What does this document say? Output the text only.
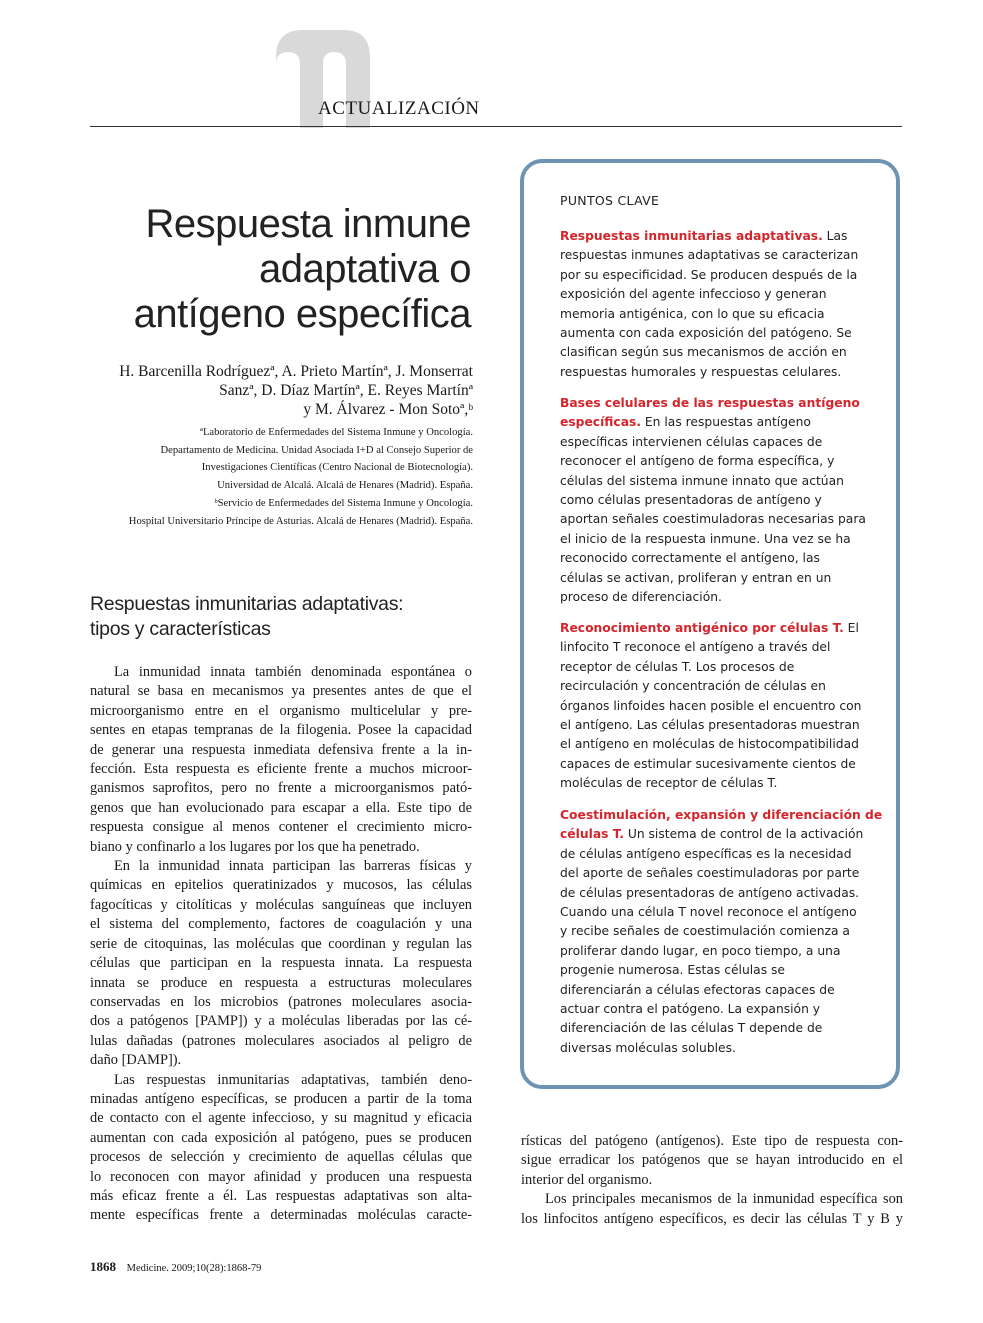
ACTUALIZACIÓN
Respuesta inmune
adaptativa o
antígeno específica
H. Barcenilla Rodríguezª, A. Prieto Martínª, J. Monserrat
Sanzª, D. Díaz Martínª, E. Reyes Martínª
y M. Álvarez - Mon Sotoª,ᵇ
ªLaboratorio de Enfermedades del Sistema Inmune y Oncología.
Departamento de Medicina. Unidad Asociada I+D al Consejo Superior de
Investigaciones Científicas (Centro Nacional de Biotecnología).
Universidad de Alcalá. Alcalá de Henares (Madrid). España.
ᵇServicio de Enfermedades del Sistema Inmune y Oncología.
Hospital Universitario Príncipe de Asturias. Alcalá de Henares (Madrid). España.
Respuestas inmunitarias adaptativas:
tipos y características
La inmunidad innata también denominada espontánea o
natural se basa en mecanismos ya presentes antes de que el
microorganismo entre en el organismo multicelular y pre-
sentes en etapas tempranas de la filogenia. Posee la capacidad
de generar una respuesta inmediata defensiva frente a la in-
fección. Esta respuesta es eficiente frente a muchos microor-
ganismos saprofitos, pero no frente a microorganismos pató-
genos que han evolucionado para escapar a ella. Este tipo de
respuesta consigue al menos contener el crecimiento micro-
biano y confinarlo a los lugares por los que ha penetrado.
En la inmunidad innata participan las barreras físicas y
químicas en epitelios queratinizados y mucosos, las células
fagocíticas y citolíticas y moléculas sanguíneas que incluyen
el sistema del complemento, factores de coagulación y una
serie de citoquinas, las moléculas que coordinan y regulan las
células que participan en la respuesta innata. La respuesta
innata se produce en respuesta a estructuras moleculares
conservadas en los microbios (patrones moleculares asocia-
dos a patógenos [PAMP]) y a moléculas liberadas por las cé-
lulas dañadas (patrones moleculares asociados al peligro de
daño [DAMP]).
Las respuestas inmunitarias adaptativas, también deno-
minadas antígeno específicas, se producen a partir de la toma
de contacto con el agente infeccioso, y su magnitud y eficacia
aumentan con cada exposición al patógeno, pues se producen
procesos de selección y crecimiento de aquellas células que
lo reconocen con mayor afinidad y producen una respuesta
más eficaz frente a él. Las respuestas adaptativas son alta-
mente específicas frente a determinadas moléculas caracte-
PUNTOS CLAVE
Respuestas inmunitarias adaptativas. Las
respuestas inmunes adaptativas se caracterizan
por su especificidad. Se producen después de la
exposición del agente infeccioso y generan
memoria antigénica, con lo que su eficacia
aumenta con cada exposición del patógeno. Se
clasifican según sus mecanismos de acción en
respuestas humorales y respuestas celulares.
Bases celulares de las respuestas antígeno
específicas. En las respuestas antígeno
específicas intervienen células capaces de
reconocer el antígeno de forma específica, y
células del sistema inmune innato que actúan
como células presentadoras de antígeno y
aportan señales coestimuladoras necesarias para
el inicio de la respuesta inmune. Una vez se ha
reconocido correctamente el antígeno, las
células se activan, proliferan y entran en un
proceso de diferenciación.
Reconocimiento antigénico por células T. El
linfocito T reconoce el antígeno a través del
receptor de células T. Los procesos de
recirculación y concentración de células en
órganos linfoides hacen posible el encuentro con
el antígeno. Las células presentadoras muestran
el antígeno en moléculas de histocompatibilidad
capaces de estimular sucesivamente cientos de
moléculas de receptor de células T.
Coestimulación, expansión y diferenciación de
células T. Un sistema de control de la activación
de células antígeno específicas es la necesidad
del aporte de señales coestimuladoras por parte
de células presentadoras de antígeno activadas.
Cuando una célula T novel reconoce el antígeno
y recibe señales de coestimulación comienza a
proliferar dando lugar, en poco tiempo, a una
progenie numerosa. Estas células se
diferenciarán a células efectoras capaces de
actuar contra el patógeno. La expansión y
diferenciación de las células T depende de
diversas moléculas solubles.
rísticas del patógeno (antígenos). Este tipo de respuesta con-
sigue erradicar los patógenos que se hayan introducido en el
interior del organismo.
Los principales mecanismos de la inmunidad específica son
los linfocitos antígeno específicos, es decir las células T y B y
1868 Medicine. 2009;10(28):1868-79
